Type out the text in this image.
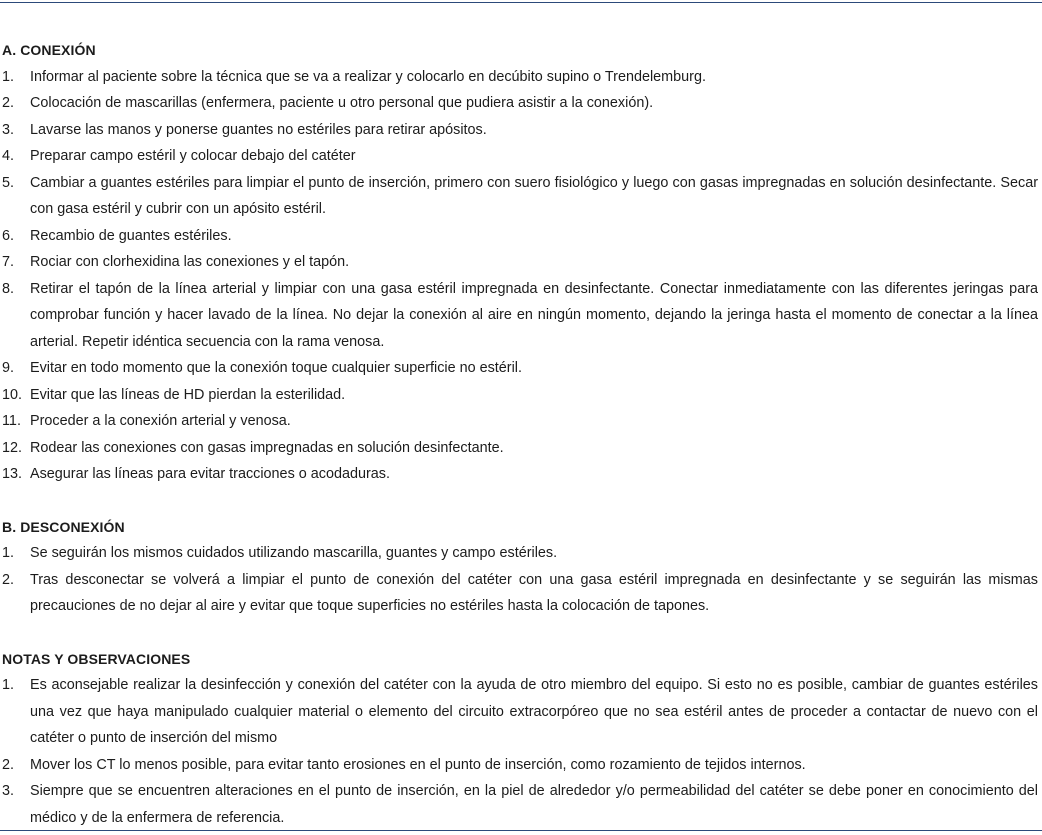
A. CONEXIÓN
1. Informar al paciente sobre la técnica que se va a realizar y colocarlo en decúbito supino o Trendelemburg.
2. Colocación de mascarillas (enfermera, paciente u otro personal que pudiera asistir a la conexión).
3. Lavarse las manos y ponerse guantes no estériles para retirar apósitos.
4. Preparar campo estéril y colocar debajo del catéter
5. Cambiar a guantes estériles para limpiar el punto de inserción, primero con suero fisiológico y luego con gasas impregnadas en solución desinfectante. Secar con gasa estéril y cubrir con un apósito estéril.
6. Recambio de guantes estériles.
7. Rociar con clorhexidina las conexiones y el tapón.
8. Retirar el tapón de la línea arterial y limpiar con una gasa estéril impregnada en desinfectante. Conectar inmediatamente con las diferentes jeringas para comprobar función y hacer lavado de la línea. No dejar la conexión al aire en ningún momento, dejando la jeringa hasta el momento de conectar a la línea arterial. Repetir idéntica secuencia con la rama venosa.
9. Evitar en todo momento que la conexión toque cualquier superficie no estéril.
10. Evitar que las líneas de HD pierdan la esterilidad.
11. Proceder a la conexión arterial y venosa.
12. Rodear las conexiones con gasas impregnadas en solución desinfectante.
13. Asegurar las líneas para evitar tracciones o acodaduras.
B. DESCONEXIÓN
1. Se seguirán los mismos cuidados utilizando mascarilla, guantes y campo estériles.
2. Tras desconectar se volverá a limpiar el punto de conexión del catéter con una gasa estéril impregnada en desinfectante y se seguirán las mismas precauciones de no dejar al aire y evitar que toque superficies no estériles hasta la colocación de tapones.
NOTAS Y OBSERVACIONES
1. Es aconsejable realizar la desinfección y conexión del catéter con la ayuda de otro miembro del equipo. Si esto no es posible, cambiar de guantes estériles una vez que haya manipulado cualquier material o elemento del circuito extracorpóreo que no sea estéril antes de proceder a contactar de nuevo con el catéter o punto de inserción del mismo
2. Mover los CT lo menos posible, para evitar tanto erosiones en el punto de inserción, como rozamiento de tejidos internos.
3. Siempre que se encuentren alteraciones en el punto de inserción, en la piel de alrededor y/o permeabilidad del catéter se debe poner en conocimiento del médico y de la enfermera de referencia.
